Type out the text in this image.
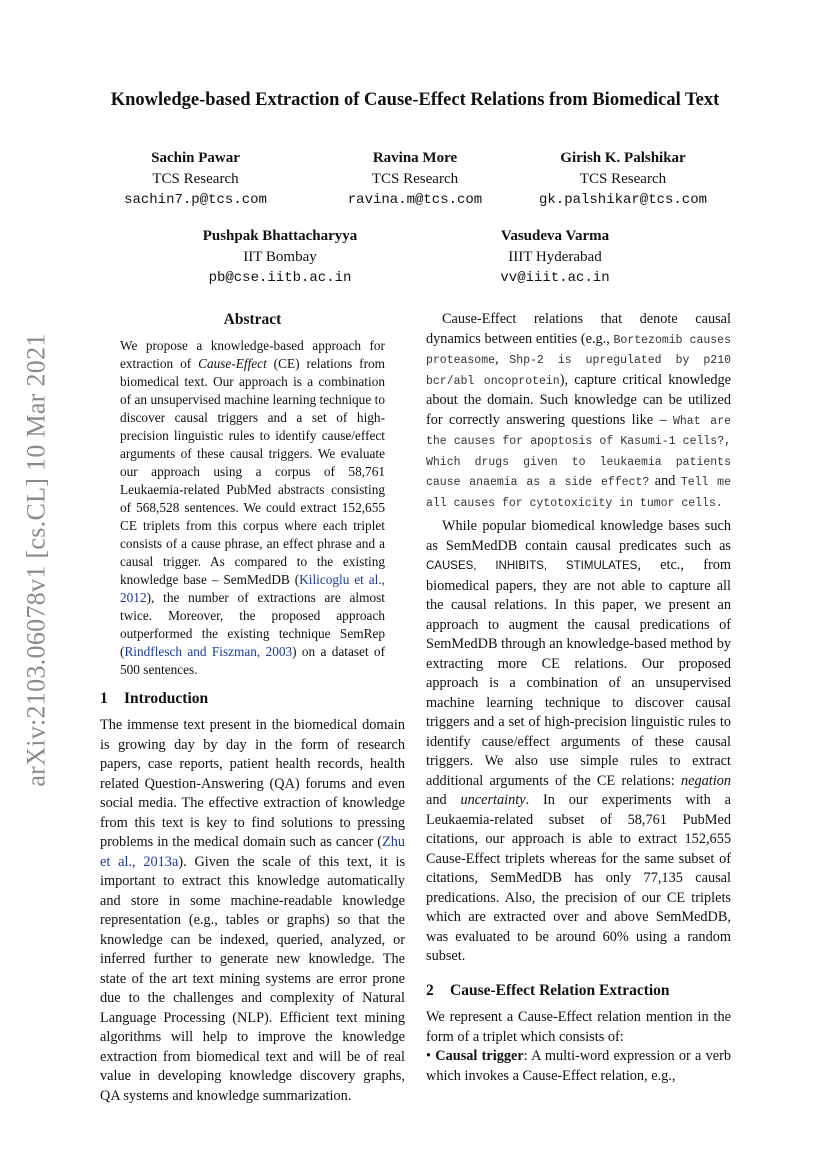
arXiv:2103.06078v1 [cs.CL] 10 Mar 2021
Knowledge-based Extraction of Cause-Effect Relations from Biomedical Text
Sachin Pawar
TCS Research
sachin7.p@tcs.com
Ravina More
TCS Research
ravina.m@tcs.com
Girish K. Palshikar
TCS Research
gk.palshikar@tcs.com
Pushpak Bhattacharyya
IIT Bombay
pb@cse.iitb.ac.in
Vasudeva Varma
IIIT Hyderabad
vv@iiit.ac.in
Abstract

We propose a knowledge-based approach for extraction of Cause-Effect (CE) relations from biomedical text. Our approach is a combination of an unsupervised machine learning technique to discover causal triggers and a set of high-precision linguistic rules to identify cause/effect arguments of these causal triggers. We evaluate our approach using a corpus of 58,761 Leukaemia-related PubMed abstracts consisting of 568,528 sentences. We could extract 152,655 CE triplets from this corpus where each triplet consists of a cause phrase, an effect phrase and a causal trigger. As compared to the existing knowledge base – SemMedDB (Kilicoglu et al., 2012), the number of extractions are almost twice. Moreover, the proposed approach outperformed the existing technique SemRep (Rindflesch and Fiszman, 2003) on a dataset of 500 sentences.

1 Introduction

The immense text present in the biomedical domain is growing day by day in the form of research papers, case reports, patient health records, health related Question-Answering (QA) forums and even social media. The effective extraction of knowledge from this text is key to find solutions to pressing problems in the medical domain such as cancer (Zhu et al., 2013a). Given the scale of this text, it is important to extract this knowledge automatically and store in some machine-readable knowledge representation (e.g., tables or graphs) so that the knowledge can be indexed, queried, analyzed, or inferred further to generate new knowledge. The state of the art text mining systems are error prone due to the challenges and complexity of Natural Language Processing (NLP). Efficient text mining algorithms will help to improve the knowledge extraction from biomedical text and will be of real value in developing knowledge discovery graphs, QA systems and knowledge summarization.

Cause-Effect relations that denote causal dynamics between entities (e.g., Bortezomib causes proteasome, Shp-2 is upregulated by p210 bcr/abl oncoprotein), capture critical knowledge about the domain. Such knowledge can be utilized for correctly answering questions like – What are the causes for apoptosis of Kasumi-1 cells?, Which drugs given to leukaemia patients cause anaemia as a side effect? and Tell me all causes for cytotoxicity in tumor cells.

While popular biomedical knowledge bases such as SemMedDB contain causal predicates such as CAUSES, INHIBITS, STIMULATES, etc., from biomedical papers, they are not able to capture all the causal relations. In this paper, we present an approach to augment the causal predications of SemMedDB through an knowledge-based method by extracting more CE relations. Our proposed approach is a combination of an unsupervised machine learning technique to discover causal triggers and a set of high-precision linguistic rules to identify cause/effect arguments of these causal triggers. We also use simple rules to extract additional arguments of the CE relations: negation and uncertainty. In our experiments with a Leukaemia-related subset of 58,761 PubMed citations, our approach is able to extract 152,655 Cause-Effect triplets whereas for the same subset of citations, SemMedDB has only 77,135 causal predications. Also, the precision of our CE triplets which are extracted over and above SemMedDB, was evaluated to be around 60% using a random subset.

2 Cause-Effect Relation Extraction

We represent a Cause-Effect relation mention in the form of a triplet which consists of:

• Causal trigger: A multi-word expression or a verb which invokes a Cause-Effect relation, e.g.,
